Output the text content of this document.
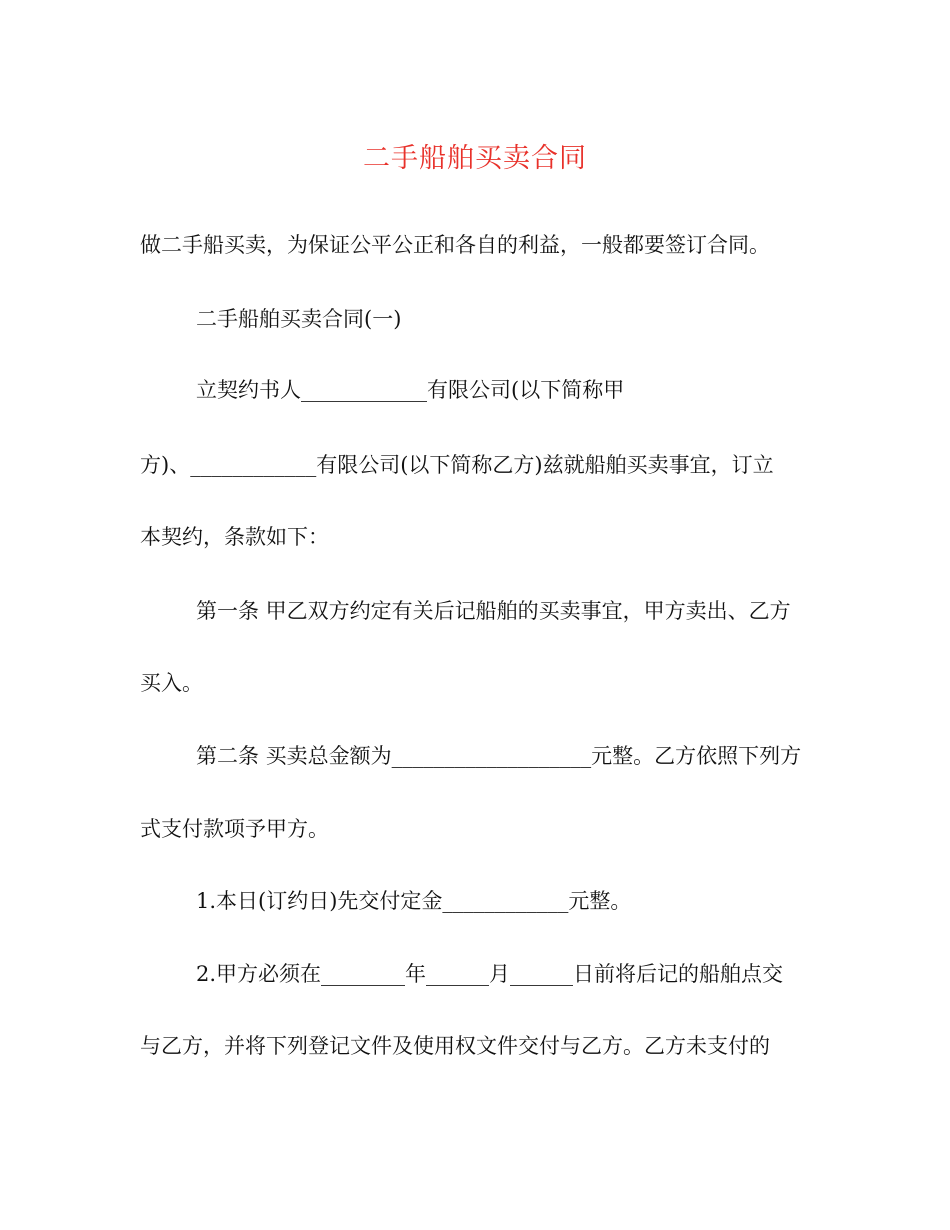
二手船舶买卖合同
做二手船买卖，为保证公平公正和各自的利益，一般都要签订合同。
二手船舶买卖合同(一)
立契约书人____________有限公司(以下简称甲
方)、____________有限公司(以下简称乙方)兹就船舶买卖事宜，订立
本契约，条款如下：
第一条 甲乙双方约定有关后记船舶的买卖事宜，甲方卖出、乙方
买入。
第二条 买卖总金额为___________________元整。乙方依照下列方
式支付款项予甲方。
1.本日(订约日)先交付定金____________元整。
2.甲方必须在________年______月______日前将后记的船舶点交
与乙方，并将下列登记文件及使用权文件交付与乙方。乙方未支付的
